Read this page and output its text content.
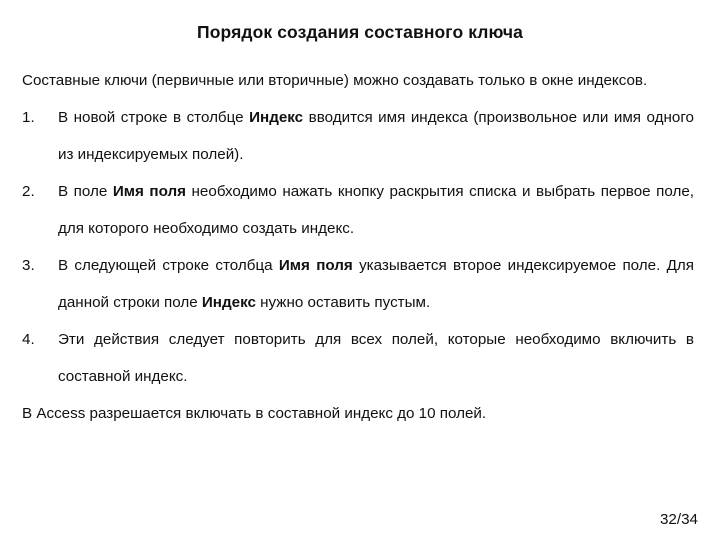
Порядок создания составного ключа

Составные ключи (первичные или вторичные) можно создавать только в окне индексов.

1. В новой строке в столбце Индекс вводится имя индекса (произвольное или имя одного из индексируемых полей).
2. В поле Имя поля необходимо нажать кнопку раскрытия списка и выбрать первое поле, для которого необходимо создать индекс.
3. В следующей строке столбца Имя поля указывается второе индексируемое поле. Для данной строки поле Индекс нужно оставить пустым.
4. Эти действия следует повторить для всех полей, которые необходимо включить в составной индекс.

В Access разрешается включать в составной индекс до 10 полей.

32/34
